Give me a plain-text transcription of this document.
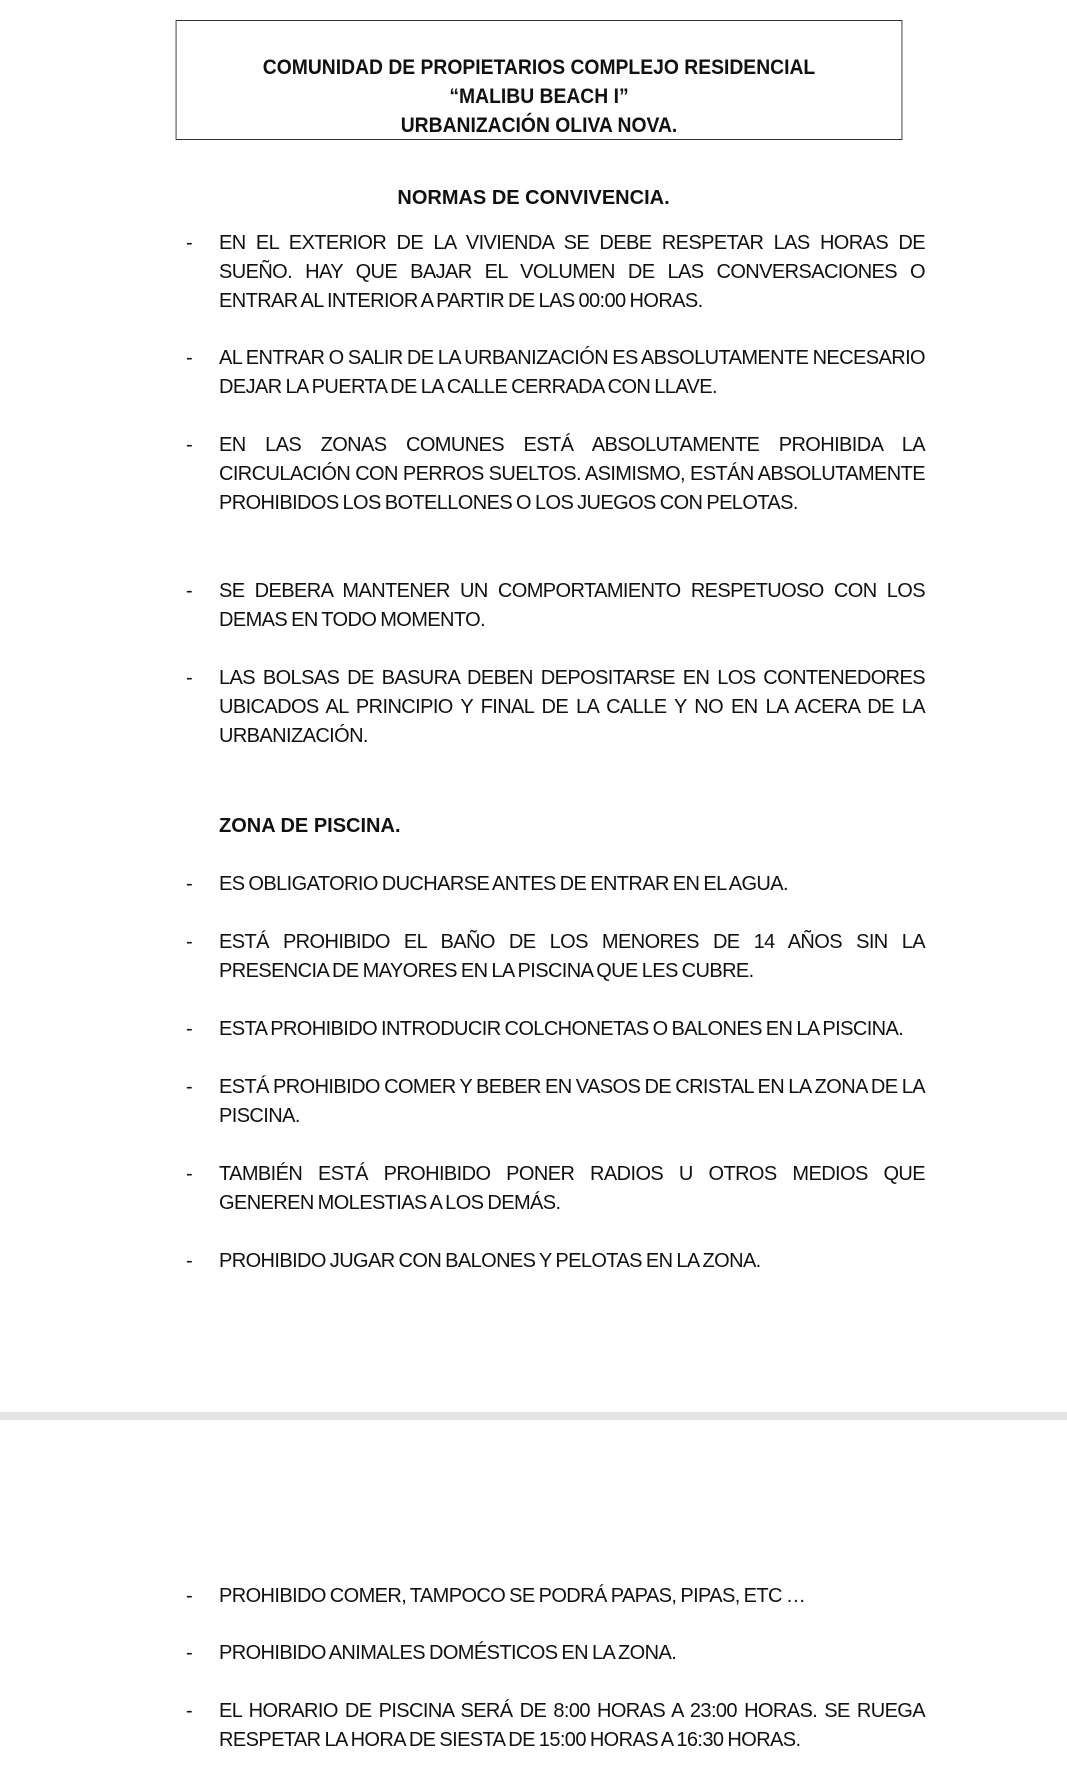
COMUNIDAD DE PROPIETARIOS COMPLEJO RESIDENCIAL
“MALIBU BEACH I”
URBANIZACIÓN OLIVA NOVA.
NORMAS DE CONVIVENCIA.
- EN EL EXTERIOR DE LA VIVIENDA SE DEBE RESPETAR LAS HORAS DE SUEÑO. HAY QUE BAJAR EL VOLUMEN DE LAS CONVERSACIONES O ENTRAR AL INTERIOR A PARTIR DE LAS 00:00 HORAS.
- AL ENTRAR O SALIR DE LA URBANIZACIÓN ES ABSOLUTAMENTE NECESARIO DEJAR LA PUERTA DE LA CALLE CERRADA CON LLAVE.
- EN LAS ZONAS COMUNES ESTÁ ABSOLUTAMENTE PROHIBIDA LA CIRCULACIÓN CON PERROS SUELTOS. ASIMISMO, ESTÁN ABSOLUTAMENTE PROHIBIDOS LOS BOTELLONES O LOS JUEGOS CON PELOTAS.
- SE DEBERA MANTENER UN COMPORTAMIENTO RESPETUOSO CON LOS DEMAS EN TODO MOMENTO.
- LAS BOLSAS DE BASURA DEBEN DEPOSITARSE EN LOS CONTENEDORES UBICADOS AL PRINCIPIO Y FINAL DE LA CALLE Y NO EN LA ACERA DE LA URBANIZACIÓN.
ZONA DE PISCINA.
- ES OBLIGATORIO DUCHARSE ANTES DE ENTRAR EN EL AGUA.
- ESTÁ PROHIBIDO EL BAÑO DE LOS MENORES DE 14 AÑOS SIN LA PRESENCIA DE MAYORES EN LA PISCINA QUE LES CUBRE.
- ESTA PROHIBIDO INTRODUCIR COLCHONETAS O BALONES EN LA PISCINA.
- ESTÁ PROHIBIDO COMER Y BEBER EN VASOS DE CRISTAL EN LA ZONA DE LA PISCINA.
- TAMBIÉN ESTÁ PROHIBIDO PONER RADIOS U OTROS MEDIOS QUE GENEREN MOLESTIAS A LOS DEMÁS.
- PROHIBIDO JUGAR CON BALONES Y PELOTAS EN LA ZONA.
- PROHIBIDO COMER, TAMPOCO SE PODRÁ PAPAS, PIPAS, ETC …
- PROHIBIDO ANIMALES DOMÉSTICOS EN LA ZONA.
- EL HORARIO DE PISCINA SERÁ DE 8:00 HORAS A 23:00 HORAS. SE RUEGA RESPETAR LA HORA DE SIESTA DE 15:00 HORAS A 16:30 HORAS.
